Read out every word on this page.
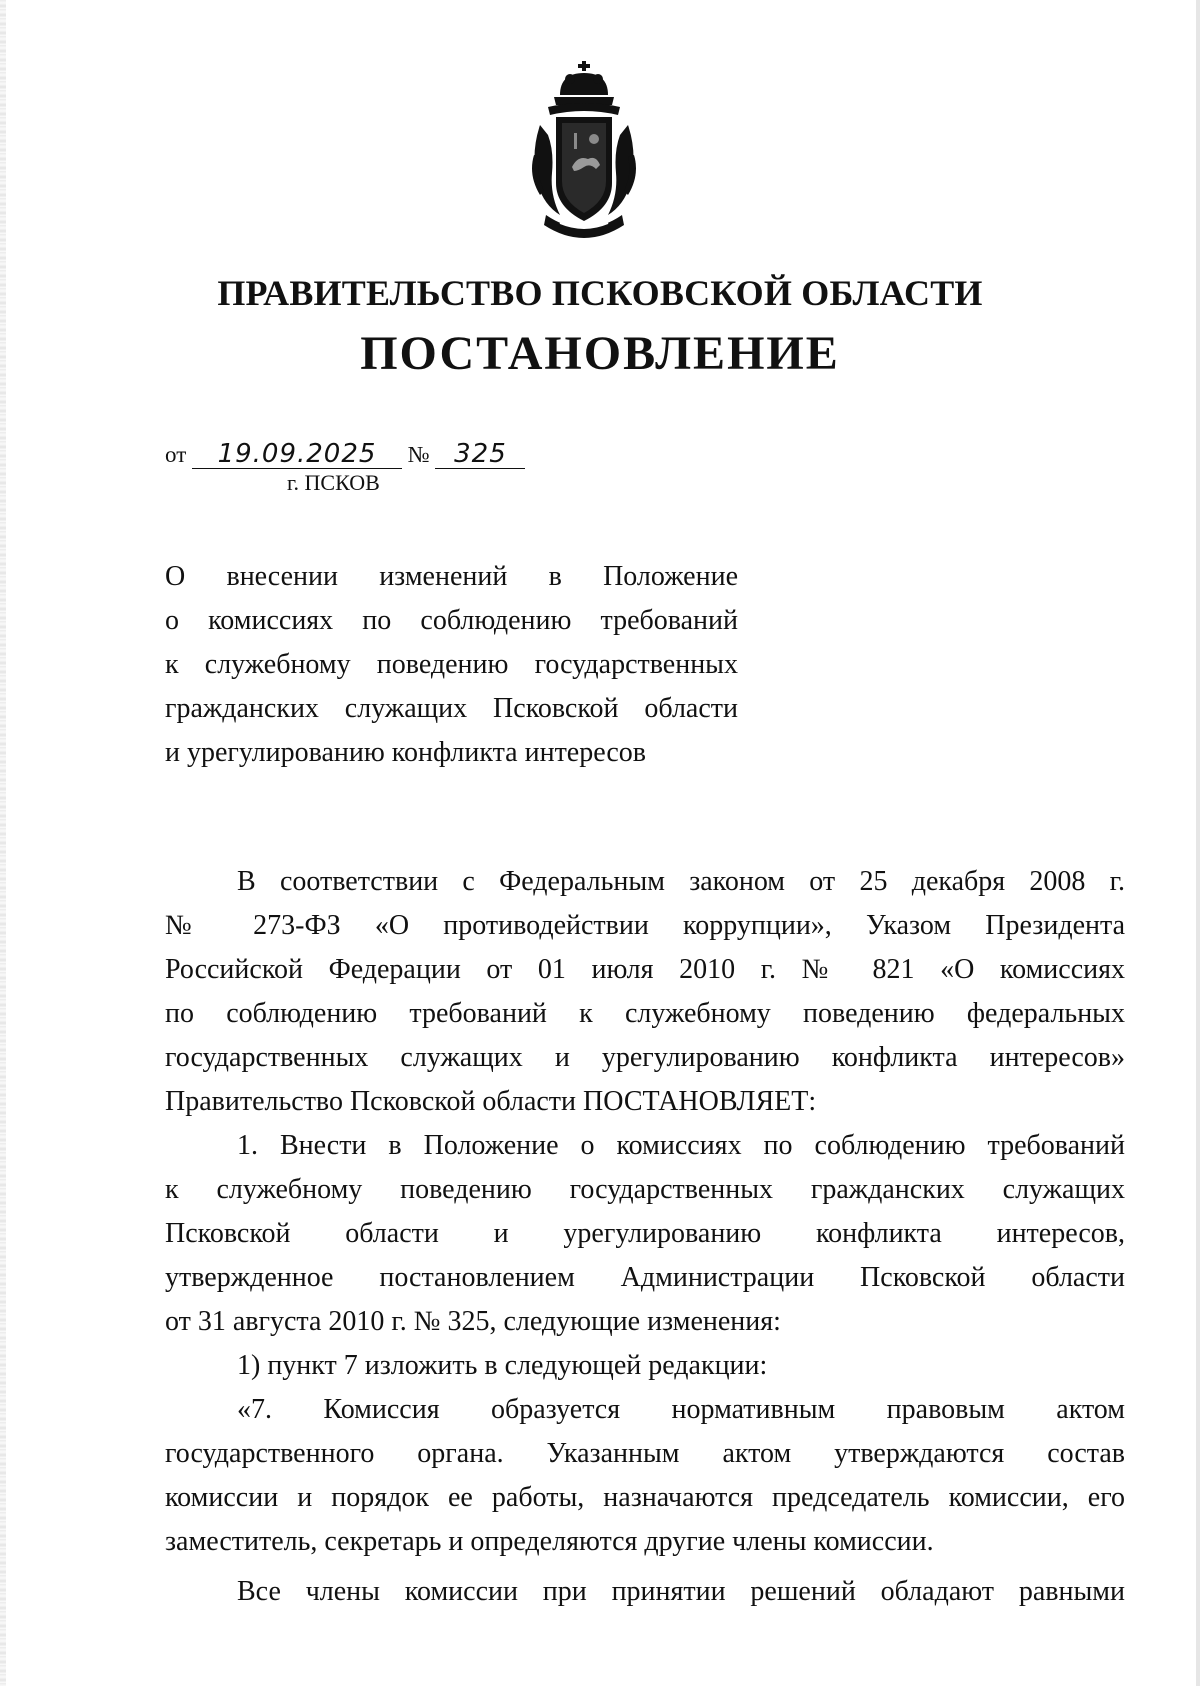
ПРАВИТЕЛЬСТВО ПСКОВСКОЙ ОБЛАСТИ
ПОСТАНОВЛЕНИЕ
от 19.09.2025 № 325
г. ПСКОВ
О внесении изменений в Положение
о комиссиях по соблюдению требований
к служебному поведению государственных
гражданских служащих Псковской области
и урегулированию конфликта интересов
В соответствии с Федеральным законом от 25 декабря 2008 г.
№ 273-ФЗ «О противодействии коррупции», Указом Президента
Российской Федерации от 01 июля 2010 г. № 821 «О комиссиях
по соблюдению требований к служебному поведению федеральных
государственных служащих и урегулированию конфликта интересов»
Правительство Псковской области ПОСТАНОВЛЯЕТ:
1. Внести в Положение о комиссиях по соблюдению требований
к служебному поведению государственных гражданских служащих
Псковской области и урегулированию конфликта интересов,
утвержденное постановлением Администрации Псковской области
от 31 августа 2010 г. № 325, следующие изменения:
1) пункт 7 изложить в следующей редакции:
«7. Комиссия образуется нормативным правовым актом
государственного органа. Указанным актом утверждаются состав
комиссии и порядок ее работы, назначаются председатель комиссии, его
заместитель, секретарь и определяются другие члены комиссии.
Все члены комиссии при принятии решений обладают равными
